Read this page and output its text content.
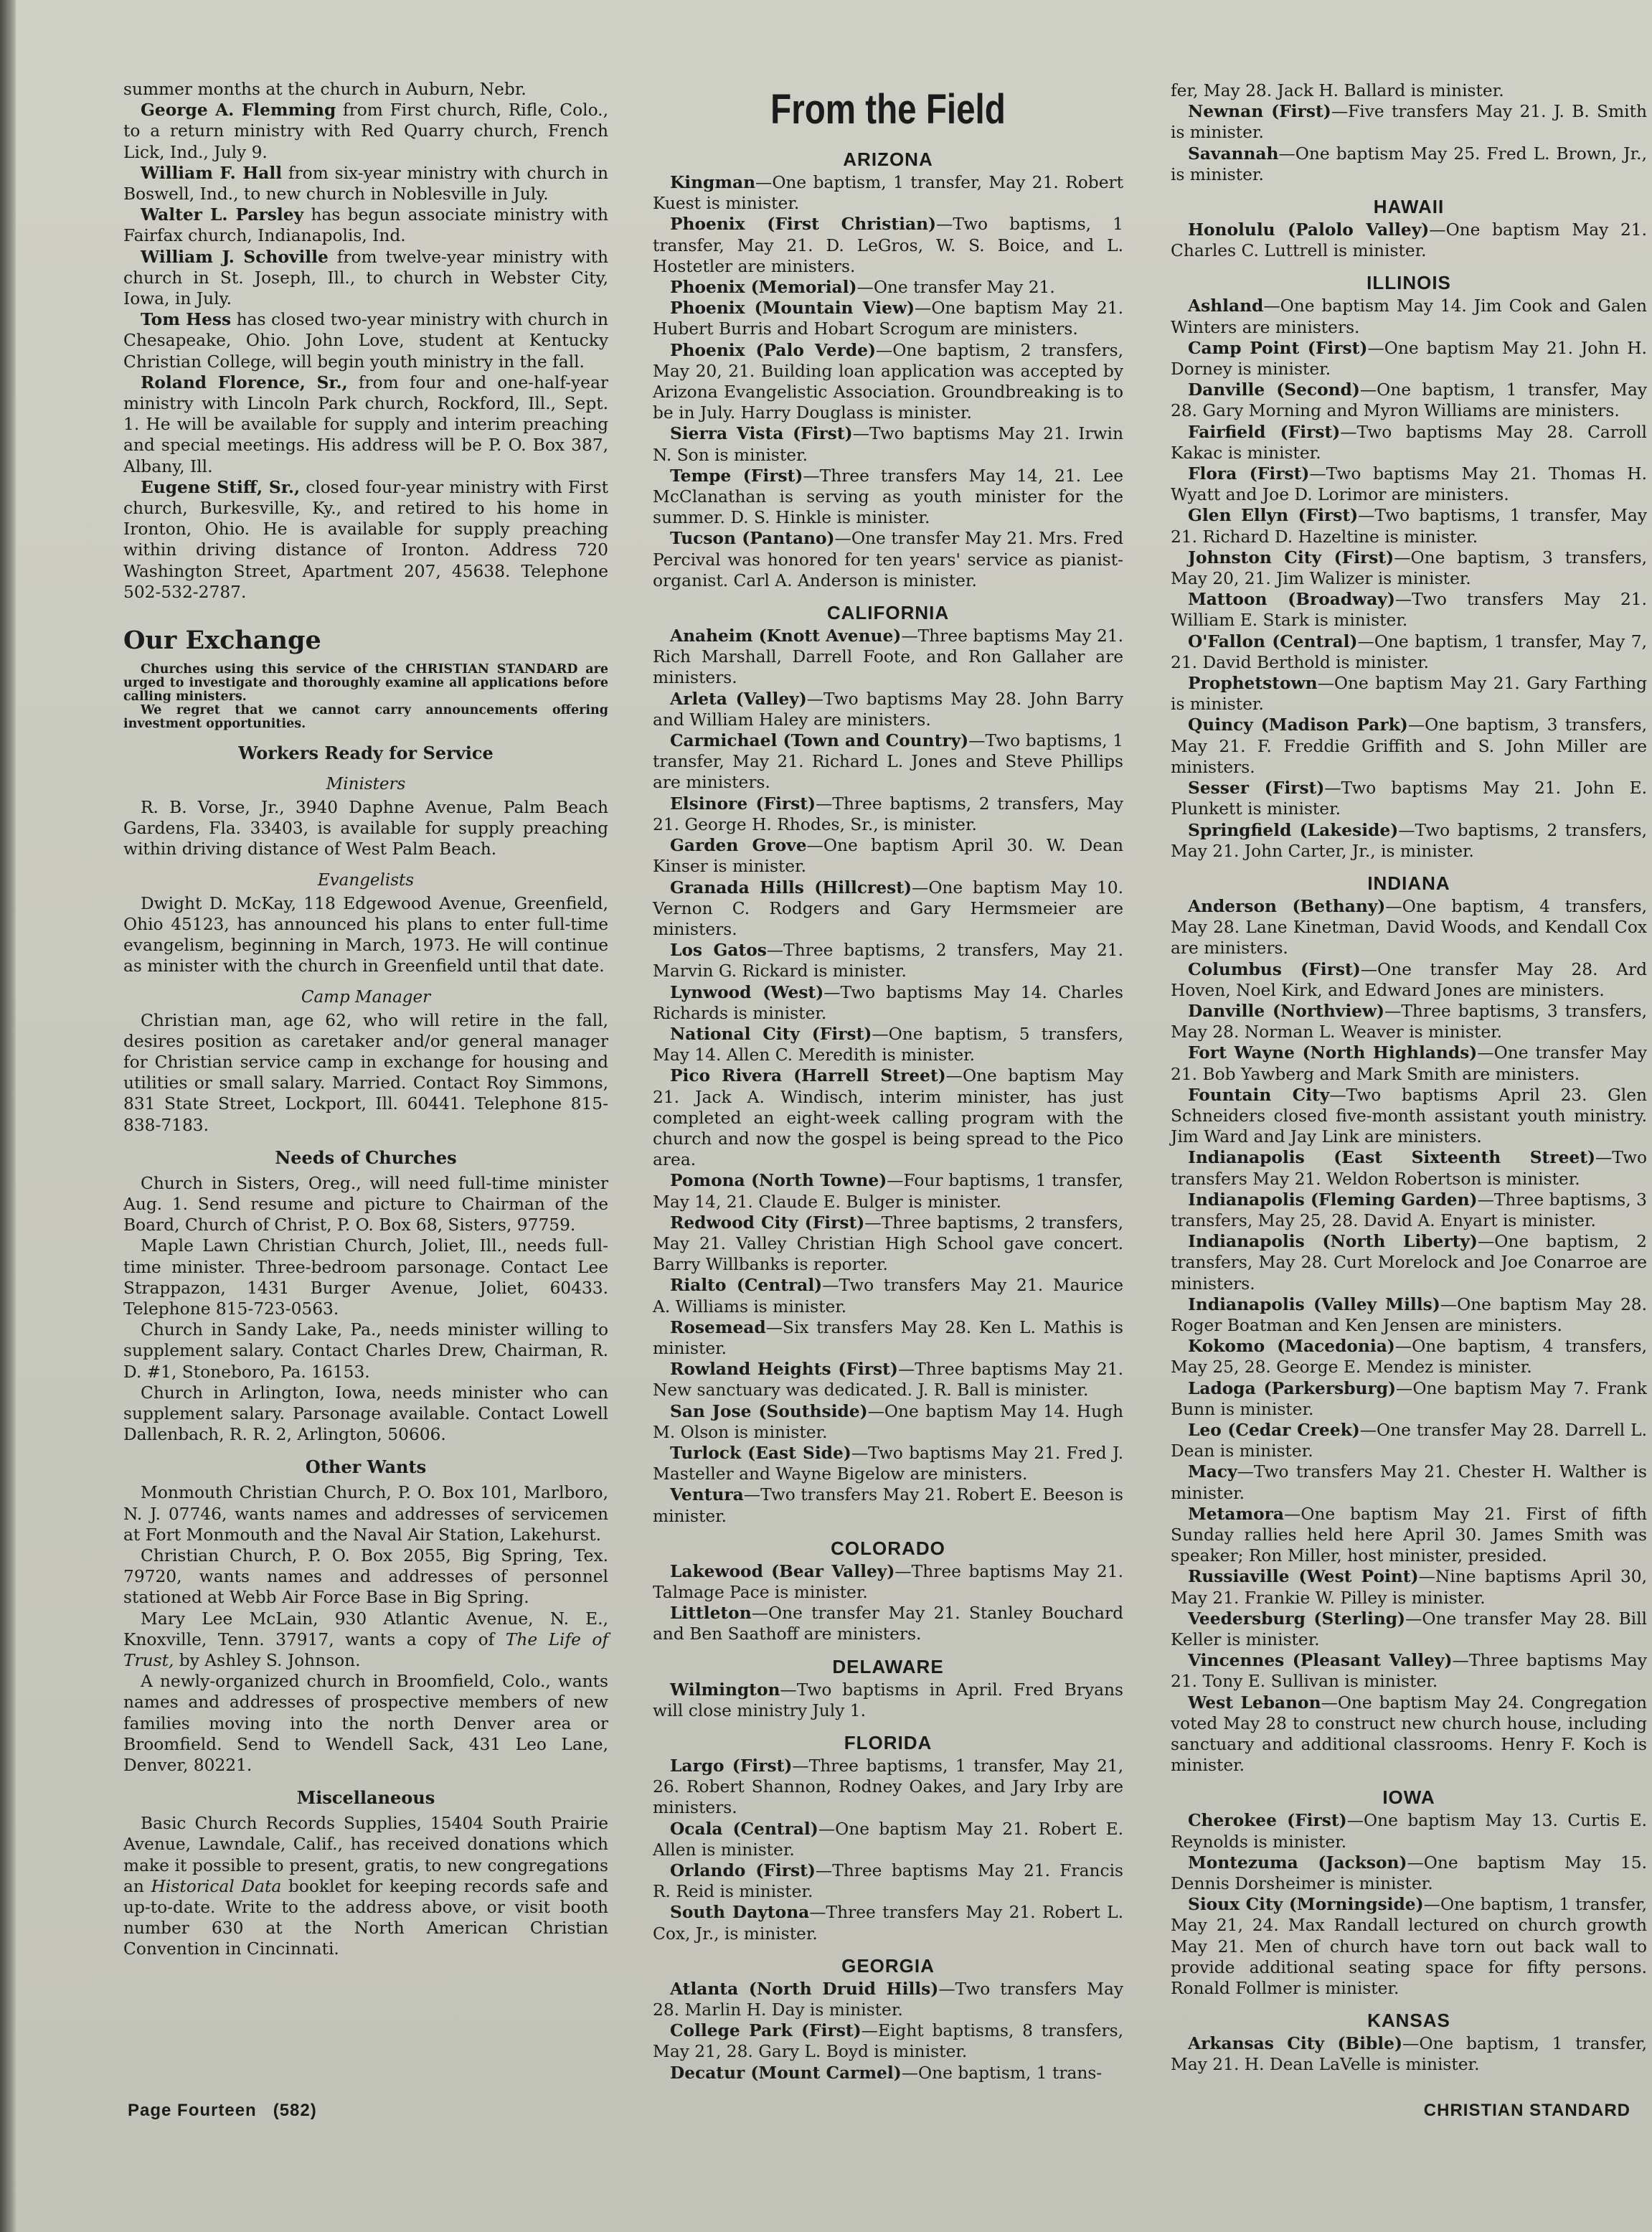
summer months at the church in Auburn, Nebr.

George A. Flemming from First church, Rifle, Colo., to a return ministry with Red Quarry church, French Lick, Ind., July 9.

William F. Hall from six-year ministry with church in Boswell, Ind., to new church in Noblesville in July.

Walter L. Parsley has begun associate ministry with Fairfax church, Indianapolis, Ind.

William J. Schoville from twelve-year ministry with church in St. Joseph, Ill., to church in Webster City, Iowa, in July.

Tom Hess has closed two-year ministry with church in Chesapeake, Ohio. John Love, student at Kentucky Christian College, will begin youth ministry in the fall.

Roland Florence, Sr., from four and one-half-year ministry with Lincoln Park church, Rockford, Ill., Sept. 1. He will be available for supply and interim preaching and special meetings. His address will be P. O. Box 387, Albany, Ill.

Eugene Stiff, Sr., closed four-year ministry with First church, Burkesville, Ky., and retired to his home in Ironton, Ohio. He is available for supply preaching within driving distance of Ironton. Address 720 Washington Street, Apartment 207, 45638. Telephone 502-532-2787.

Our Exchange

Churches using this service of the CHRISTIAN STANDARD are urged to investigate and thoroughly examine all applications before calling ministers.

We regret that we cannot carry announcements offering investment opportunities.

Workers Ready for Service
Ministers

R. B. Vorse, Jr., 3940 Daphne Avenue, Palm Beach Gardens, Fla. 33403, is available for supply preaching within driving distance of West Palm Beach.

Evangelists

Dwight D. McKay, 118 Edgewood Avenue, Greenfield, Ohio 45123, has announced his plans to enter full-time evangelism, beginning in March, 1973. He will continue as minister with the church in Greenfield until that date.

Camp Manager

Christian man, age 62, who will retire in the fall, desires position as caretaker and/or general manager for Christian service camp in exchange for housing and utilities or small salary. Married. Contact Roy Simmons, 831 State Street, Lockport, Ill. 60441. Telephone 815-838-7183.

Needs of Churches

Church in Sisters, Oreg., will need full-time minister Aug. 1. Send resume and picture to Chairman of the Board, Church of Christ, P. O. Box 68, Sisters, 97759.

Maple Lawn Christian Church, Joliet, Ill., needs full-time minister. Three-bedroom parsonage. Contact Lee Strappazon, 1431 Burger Avenue, Joliet, 60433. Telephone 815-723-0563.

Church in Sandy Lake, Pa., needs minister willing to supplement salary. Contact Charles Drew, Chairman, R. D. #1, Stoneboro, Pa. 16153.

Church in Arlington, Iowa, needs minister who can supplement salary. Parsonage available. Contact Lowell Dallenbach, R. R. 2, Arlington, 50606.

Other Wants

Monmouth Christian Church, P. O. Box 101, Marlboro, N. J. 07746, wants names and addresses of servicemen at Fort Monmouth and the Naval Air Station, Lakehurst.

Christian Church, P. O. Box 2055, Big Spring, Tex. 79720, wants names and addresses of personnel stationed at Webb Air Force Base in Big Spring.

Mary Lee McLain, 930 Atlantic Avenue, N. E., Knoxville, Tenn. 37917, wants a copy of The Life of Trust, by Ashley S. Johnson.

A newly-organized church in Broomfield, Colo., wants names and addresses of prospective members of new families moving into the north Denver area or Broomfield. Send to Wendell Sack, 431 Leo Lane, Denver, 80221.

Miscellaneous

Basic Church Records Supplies, 15404 South Prairie Avenue, Lawndale, Calif., has received donations which make it possible to present, gratis, to new congregations an Historical Data booklet for keeping records safe and up-to-date. Write to the address above, or visit booth number 630 at the North American Christian Convention in Cincinnati.

From the Field
ARIZONA

Kingman—One baptism, 1 transfer, May 21. Robert Kuest is minister.

Phoenix (First Christian)—Two baptisms, 1 transfer, May 21. D. LeGros, W. S. Boice, and L. Hostetler are ministers.

Phoenix (Memorial)—One transfer May 21.

Phoenix (Mountain View)—One baptism May 21. Hubert Burris and Hobart Scrogum are ministers.

Phoenix (Palo Verde)—One baptism, 2 transfers, May 20, 21. Building loan application was accepted by Arizona Evangelistic Association. Groundbreaking is to be in July. Harry Douglass is minister.

Sierra Vista (First)—Two baptisms May 21. Irwin N. Son is minister.

Tempe (First)—Three transfers May 14, 21. Lee McClanathan is serving as youth minister for the summer. D. S. Hinkle is minister.

Tucson (Pantano)—One transfer May 21. Mrs. Fred Percival was honored for ten years' service as pianist-organist. Carl A. Anderson is minister.

CALIFORNIA

Anaheim (Knott Avenue)—Three baptisms May 21. Rich Marshall, Darrell Foote, and Ron Gallaher are ministers.

Arleta (Valley)—Two baptisms May 28. John Barry and William Haley are ministers.

Carmichael (Town and Country)—Two baptisms, 1 transfer, May 21. Richard L. Jones and Steve Phillips are ministers.

Elsinore (First)—Three baptisms, 2 transfers, May 21. George H. Rhodes, Sr., is minister.

Garden Grove—One baptism April 30. W. Dean Kinser is minister.

Granada Hills (Hillcrest)—One baptism May 10. Vernon C. Rodgers and Gary Hermsmeier are ministers.

Los Gatos—Three baptisms, 2 transfers, May 21. Marvin G. Rickard is minister.

Lynwood (West)—Two baptisms May 14. Charles Richards is minister.

National City (First)—One baptism, 5 transfers, May 14. Allen C. Meredith is minister.

Pico Rivera (Harrell Street)—One baptism May 21. Jack A. Windisch, interim minister, has just completed an eight-week calling program with the church and now the gospel is being spread to the Pico area.

Pomona (North Towne)—Four baptisms, 1 transfer, May 14, 21. Claude E. Bulger is minister.

Redwood City (First)—Three baptisms, 2 transfers, May 21. Valley Christian High School gave concert. Barry Willbanks is reporter.

Rialto (Central)—Two transfers May 21. Maurice A. Williams is minister.

Rosemead—Six transfers May 28. Ken L. Mathis is minister.

Rowland Heights (First)—Three baptisms May 21. New sanctuary was dedicated. J. R. Ball is minister.

San Jose (Southside)—One baptism May 14. Hugh M. Olson is minister.

Turlock (East Side)—Two baptisms May 21. Fred J. Masteller and Wayne Bigelow are ministers.

Ventura—Two transfers May 21. Robert E. Beeson is minister.

COLORADO

Lakewood (Bear Valley)—Three baptisms May 21. Talmage Pace is minister.

Littleton—One transfer May 21. Stanley Bouchard and Ben Saathoff are ministers.

DELAWARE

Wilmington—Two baptisms in April. Fred Bryans will close ministry July 1.

FLORIDA

Largo (First)—Three baptisms, 1 transfer, May 21, 26. Robert Shannon, Rodney Oakes, and Jary Irby are ministers.

Ocala (Central)—One baptism May 21. Robert E. Allen is minister.

Orlando (First)—Three baptisms May 21. Francis R. Reid is minister.

South Daytona—Three transfers May 21. Robert L. Cox, Jr., is minister.

GEORGIA

Atlanta (North Druid Hills)—Two transfers May 28. Marlin H. Day is minister.

College Park (First)—Eight baptisms, 8 transfers, May 21, 28. Gary L. Boyd is minister.

Decatur (Mount Carmel)—One baptism, 1 trans-

fer, May 28. Jack H. Ballard is minister.

Newnan (First)—Five transfers May 21. J. B. Smith is minister.

Savannah—One baptism May 25. Fred L. Brown, Jr., is minister.

HAWAII

Honolulu (Palolo Valley)—One baptism May 21. Charles C. Luttrell is minister.

ILLINOIS

Ashland—One baptism May 14. Jim Cook and Galen Winters are ministers.

Camp Point (First)—One baptism May 21. John H. Dorney is minister.

Danville (Second)—One baptism, 1 transfer, May 28. Gary Morning and Myron Williams are ministers.

Fairfield (First)—Two baptisms May 28. Carroll Kakac is minister.

Flora (First)—Two baptisms May 21. Thomas H. Wyatt and Joe D. Lorimor are ministers.

Glen Ellyn (First)—Two baptisms, 1 transfer, May 21. Richard D. Hazeltine is minister.

Johnston City (First)—One baptism, 3 transfers, May 20, 21. Jim Walizer is minister.

Mattoon (Broadway)—Two transfers May 21. William E. Stark is minister.

O'Fallon (Central)—One baptism, 1 transfer, May 7, 21. David Berthold is minister.

Prophetstown—One baptism May 21. Gary Farthing is minister.

Quincy (Madison Park)—One baptism, 3 transfers, May 21. F. Freddie Griffith and S. John Miller are ministers.

Sesser (First)—Two baptisms May 21. John E. Plunkett is minister.

Springfield (Lakeside)—Two baptisms, 2 transfers, May 21. John Carter, Jr., is minister.

INDIANA

Anderson (Bethany)—One baptism, 4 transfers, May 28. Lane Kinetman, David Woods, and Kendall Cox are ministers.

Columbus (First)—One transfer May 28. Ard Hoven, Noel Kirk, and Edward Jones are ministers.

Danville (Northview)—Three baptisms, 3 transfers, May 28. Norman L. Weaver is minister.

Fort Wayne (North Highlands)—One transfer May 21. Bob Yawberg and Mark Smith are ministers.

Fountain City—Two baptisms April 23. Glen Schneiders closed five-month assistant youth ministry. Jim Ward and Jay Link are ministers.

Indianapolis (East Sixteenth Street)—Two transfers May 21. Weldon Robertson is minister.

Indianapolis (Fleming Garden)—Three baptisms, 3 transfers, May 25, 28. David A. Enyart is minister.

Indianapolis (North Liberty)—One baptism, 2 transfers, May 28. Curt Morelock and Joe Conarroe are ministers.

Indianapolis (Valley Mills)—One baptism May 28. Roger Boatman and Ken Jensen are ministers.

Kokomo (Macedonia)—One baptism, 4 transfers, May 25, 28. George E. Mendez is minister.

Ladoga (Parkersburg)—One baptism May 7. Frank Bunn is minister.

Leo (Cedar Creek)—One transfer May 28. Darrell L. Dean is minister.

Macy—Two transfers May 21. Chester H. Walther is minister.

Metamora—One baptism May 21. First of fifth Sunday rallies held here April 30. James Smith was speaker; Ron Miller, host minister, presided.

Russiaville (West Point)—Nine baptisms April 30, May 21. Frankie W. Pilley is minister.

Veedersburg (Sterling)—One transfer May 28. Bill Keller is minister.

Vincennes (Pleasant Valley)—Three baptisms May 21. Tony E. Sullivan is minister.

West Lebanon—One baptism May 24. Congregation voted May 28 to construct new church house, including sanctuary and additional classrooms. Henry F. Koch is minister.

IOWA

Cherokee (First)—One baptism May 13. Curtis E. Reynolds is minister.

Montezuma (Jackson)—One baptism May 15. Dennis Dorsheimer is minister.

Sioux City (Morningside)—One baptism, 1 transfer, May 21, 24. Max Randall lectured on church growth May 21. Men of church have torn out back wall to provide additional seating space for fifty persons. Ronald Follmer is minister.

KANSAS

Arkansas City (Bible)—One baptism, 1 transfer, May 21. H. Dean LaVelle is minister.

Page Fourteen   (582)	CHRISTIAN STANDARD
